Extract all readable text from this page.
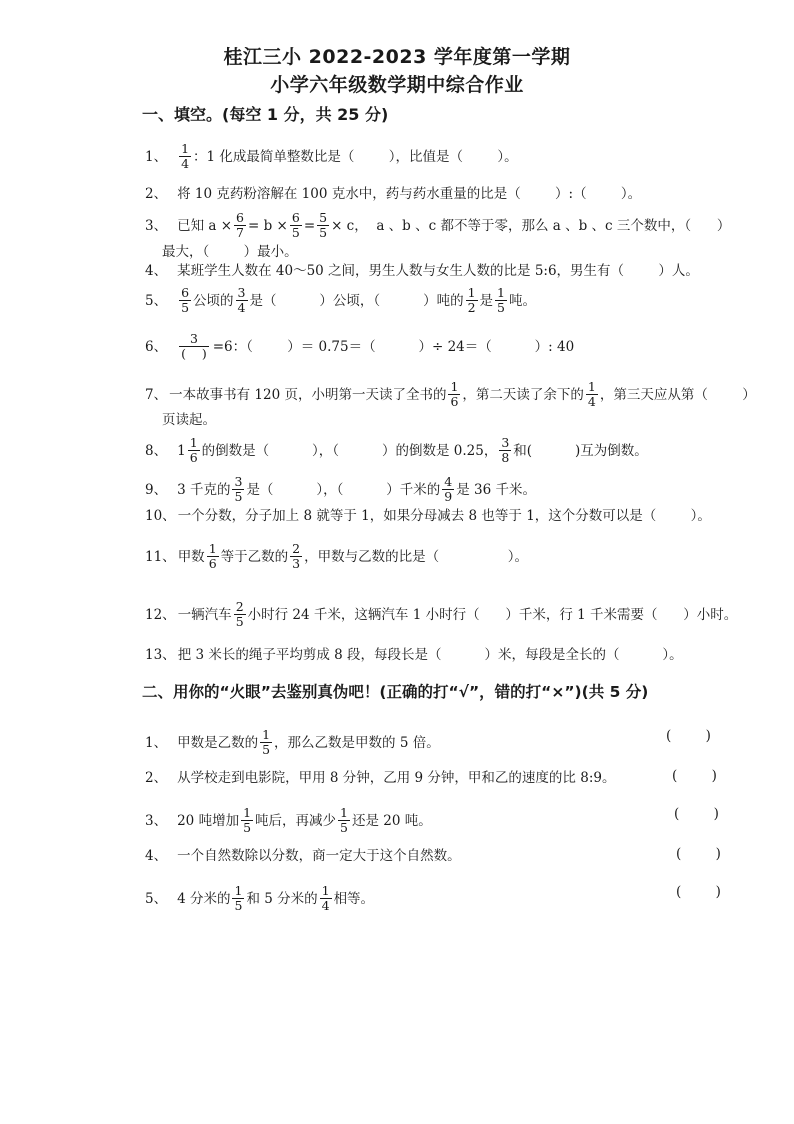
桂江三小 2022-2023 学年度第一学期
小学六年级数学期中综合作业
一、填空。(每空 1 分，共 25 分)
1、 $\frac{1}{4}$ ：1 化成最简单整数比是（        ），比值是（        ）。
2、 将 10 克药粉溶解在 100 克水中，药与药水重量的比是（        ）:（        ）。
3、 已知 $a \times \frac{6}{7} = b \times \frac{6}{5} = \frac{5}{5} \times c$，  a 、b 、c 都不等于零，那么 a 、b 、c 三个数中，（      ）
最大，（        ）最小。
4、 某班学生人数在 40～50 之间，男生人数与女生人数的比是 5:6，男生有（        ）人。
5、 $\frac{6}{5}$ 公顷的 $\frac{3}{4}$ 是（          ）公顷，（          ）吨的 $\frac{1}{2}$ 是 $\frac{1}{5}$ 吨。
6、 $\frac{3}{( )} =6$：（        ）＝ 0.75＝（          ）÷ 24＝（          ）: 40
7、 一本故事书有 120 页，小明第一天读了全书的 $\frac{1}{6}$ ，第二天读了余下的 $\frac{1}{4}$ ，第三天应从第（        ）
页读起。
8、 $1 \frac{1}{6}$ 的倒数是（          ），（          ）的倒数是 0.25， $\frac{3}{8}$ 和(          )互为倒数。
9、 3 千克的 $\frac{3}{5}$ 是（          ），（          ）千米的 $\frac{4}{9}$ 是 36 千米。
10、 一个分数，分子加上 8 就等于 1，如果分母减去 8 也等于 1，这个分数可以是（        ）。
11、 甲数 $\frac{1}{6}$ 等于乙数的 $\frac{2}{3}$ ，甲数与乙数的比是（                ）。
12、 一辆汽车 $\frac{2}{5}$ 小时行 24 千米，这辆汽车 1 小时行（      ）千米，行 1 千米需要（      ）小时。
13、 把 3 米长的绳子平均剪成 8 段，每段长是（          ）米，每段是全长的（          ）。
二、用你的“火眼”去鉴别真伪吧！(正确的打“√”，错的打“×”)(共 5 分)
1、 甲数是乙数的 $\frac{1}{5}$ ，那么乙数是甲数的 5 倍。	(        )
2、 从学校走到电影院，甲用 8 分钟，乙用 9 分钟，甲和乙的速度的比 8:9。	(        )
3、 20 吨增加 $\frac{1}{5}$ 吨后，再减少 $\frac{1}{5}$ 还是 20 吨。	(        )
4、 一个自然数除以分数，商一定大于这个自然数。	(        )
5、 4 分米的 $\frac{1}{5}$ 和 5 分米的 $\frac{1}{4}$ 相等。	(        )
